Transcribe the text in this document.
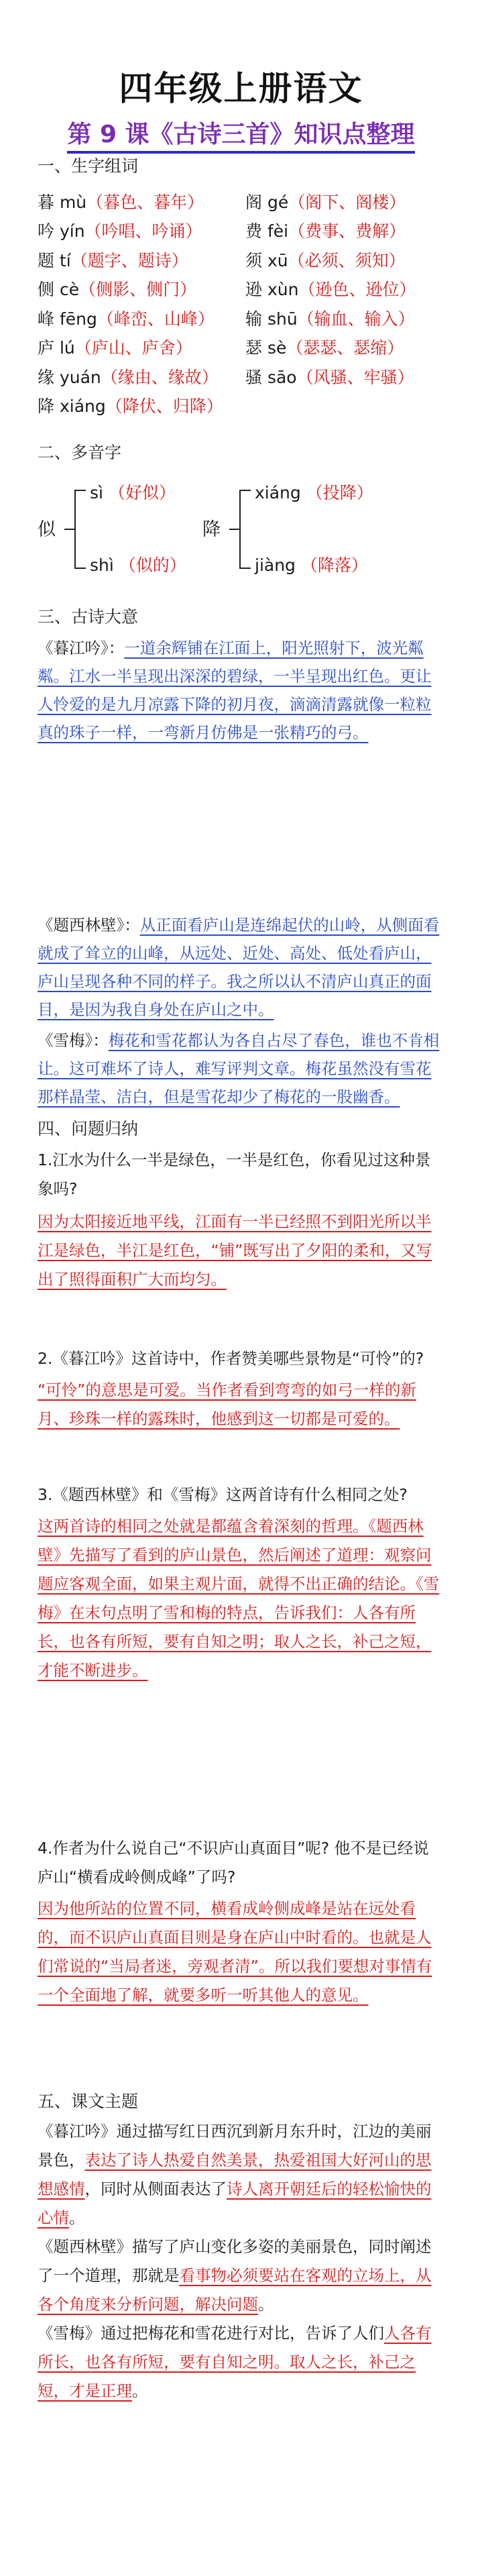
四年级上册语文
第 9 课《古诗三首》知识点整理
一、生字组词
暮 mù（暮色、暮年）	阁 gé（阁下、阁楼）
吟 yín（吟唱、吟诵）	费 fèi（费事、费解）
题 tí（题字、题诗）	须 xū（必须、须知）
侧 cè（侧影、侧门）	逊 xùn（逊色、逊位）
峰 fēng（峰峦、山峰）	输 shū（输血、输入）
庐 lú（庐山、庐舍）	瑟 sè（瑟瑟、瑟缩）
缘 yuán（缘由、缘故）	骚 sāo（风骚、牢骚）
降 xiáng（降伏、归降）
二、多音字
似
sì （好似）
shì （似的）
降
xiáng （投降）
jiàng （降落）
三、古诗大意
《暮江吟》：一道余辉铺在江面上，阳光照射下，波光粼粼。江水一半呈现出深深的碧绿，一半呈现出红色。更让人怜爱的是九月凉露下降的初月夜，滴滴清露就像一粒粒真的珠子一样，一弯新月仿佛是一张精巧的弓。
《题西林壁》：从正面看庐山是连绵起伏的山岭，从侧面看就成了耸立的山峰，从远处、近处、高处、低处看庐山，庐山呈现各种不同的样子。我之所以认不清庐山真正的面目，是因为我自身处在庐山之中。
《雪梅》：梅花和雪花都认为各自占尽了春色，谁也不肯相让。这可难坏了诗人，难写评判文章。梅花虽然没有雪花那样晶莹、洁白，但是雪花却少了梅花的一股幽香。
四、问题归纳
1.江水为什么一半是绿色，一半是红色，你看见过这种景象吗?
因为太阳接近地平线，江面有一半已经照不到阳光所以半江是绿色，半江是红色，“铺”既写出了夕阳的柔和，又写出了照得面积广大而均匀。
2.《暮江吟》这首诗中，作者赞美哪些景物是“可怜”的?
“可怜”的意思是可爱。当作者看到弯弯的如弓一样的新月、珍珠一样的露珠时，他感到这一切都是可爱的。
3.《题西林壁》和《雪梅》这两首诗有什么相同之处?
这两首诗的相同之处就是都蕴含着深刻的哲理。《题西林壁》先描写了看到的庐山景色，然后阐述了道理：观察问题应客观全面，如果主观片面，就得不出正确的结论。《雪梅》在末句点明了雪和梅的特点，告诉我们：人各有所长，也各有所短，要有自知之明；取人之长，补己之短，才能不断进步。
4.作者为什么说自己“不识庐山真面目”呢? 他不是已经说庐山“横看成岭侧成峰”了吗?
因为他所站的位置不同，横看成岭侧成峰是站在远处看的，而不识庐山真面目则是身在庐山中时看的。也就是人们常说的“当局者迷，旁观者清”。所以我们要想对事情有一个全面地了解，就要多听一听其他人的意见。
五、课文主题
《暮江吟》通过描写红日西沉到新月东升时，江边的美丽景色，表达了诗人热爱自然美景，热爱祖国大好河山的思想感情，同时从侧面表达了诗人离开朝廷后的轻松愉快的心情。
《题西林壁》描写了庐山变化多姿的美丽景色，同时阐述了一个道理，那就是看事物必须要站在客观的立场上，从各个角度来分析问题，解决问题。
《雪梅》通过把梅花和雪花进行对比，告诉了人们人各有所长，也各有所短，要有自知之明。取人之长，补己之短，才是正理。
